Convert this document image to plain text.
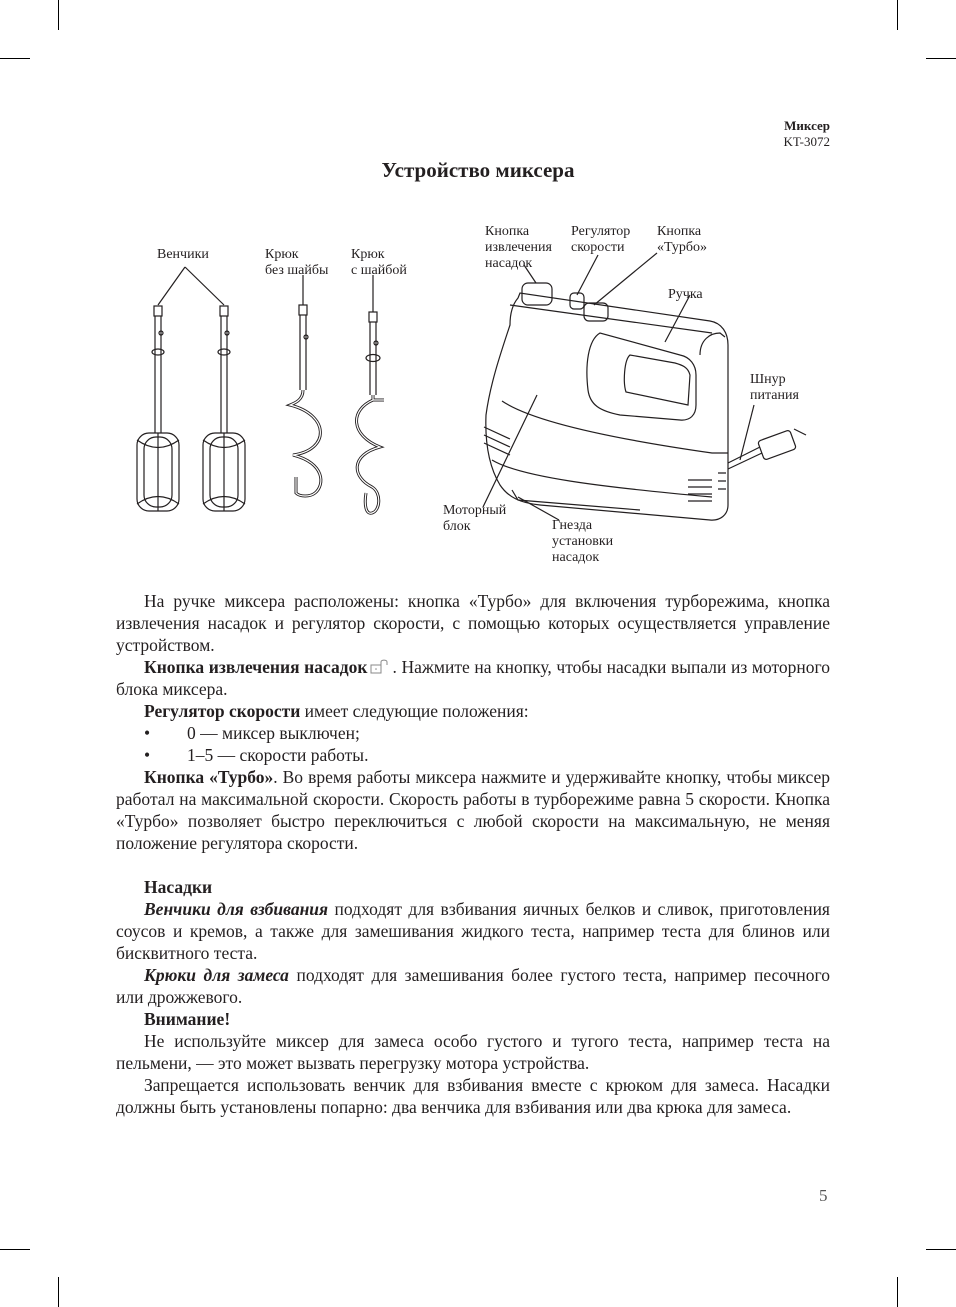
Миксер
KT-3072
Устройство миксера
Венчики	Крюк
без шайбы
Крюк
с шайбой
Кнопка
извлечения
насадок
Регулятор
скорости
Кнопка
«Турбо»
Ручка
Шнур
питания
Моторный
блок	Гнезда
установки
насадок

На ручке миксера расположены: кнопка «Турбо» для включения турборежима, кнопка извлечения насадок и регулятор скорости, с помощью которых осуществляется управление устройством.

Кнопка извлечения насадок . Нажмите на кнопку, чтобы насадки выпали из моторного блока миксера.

Регулятор скорости имеет следующие положения:

•	0 — миксер выключен;
•	1–5 — скорости работы.

Кнопка «Турбо». Во время работы миксера нажмите и удерживайте кнопку, чтобы миксер работал на максимальной скорости. Скорость работы в турборежиме равна 5 скорости. Кнопка «Турбо» позволяет быстро переключиться с любой скорости на максимальную, не меняя положение регулятора скорости.

Насадки

Венчики для взбивания подходят для взбивания яичных белков и сливок, приготовления соусов и кремов, а также для замешивания жидкого теста, например теста для блинов или бисквитного теста.

Крюки для замеса подходят для замешивания более густого теста, например песочного или дрожжевого.

Внимание!

Не используйте миксер для замеса особо густого и тугого теста, например теста на пельмени, — это может вызвать перегрузку мотора устройства.

Запрещается использовать венчик для взбивания вместе с крюком для замеса. Насадки должны быть установлены попарно: два венчика для взбивания или два крюка для замеса.

5
